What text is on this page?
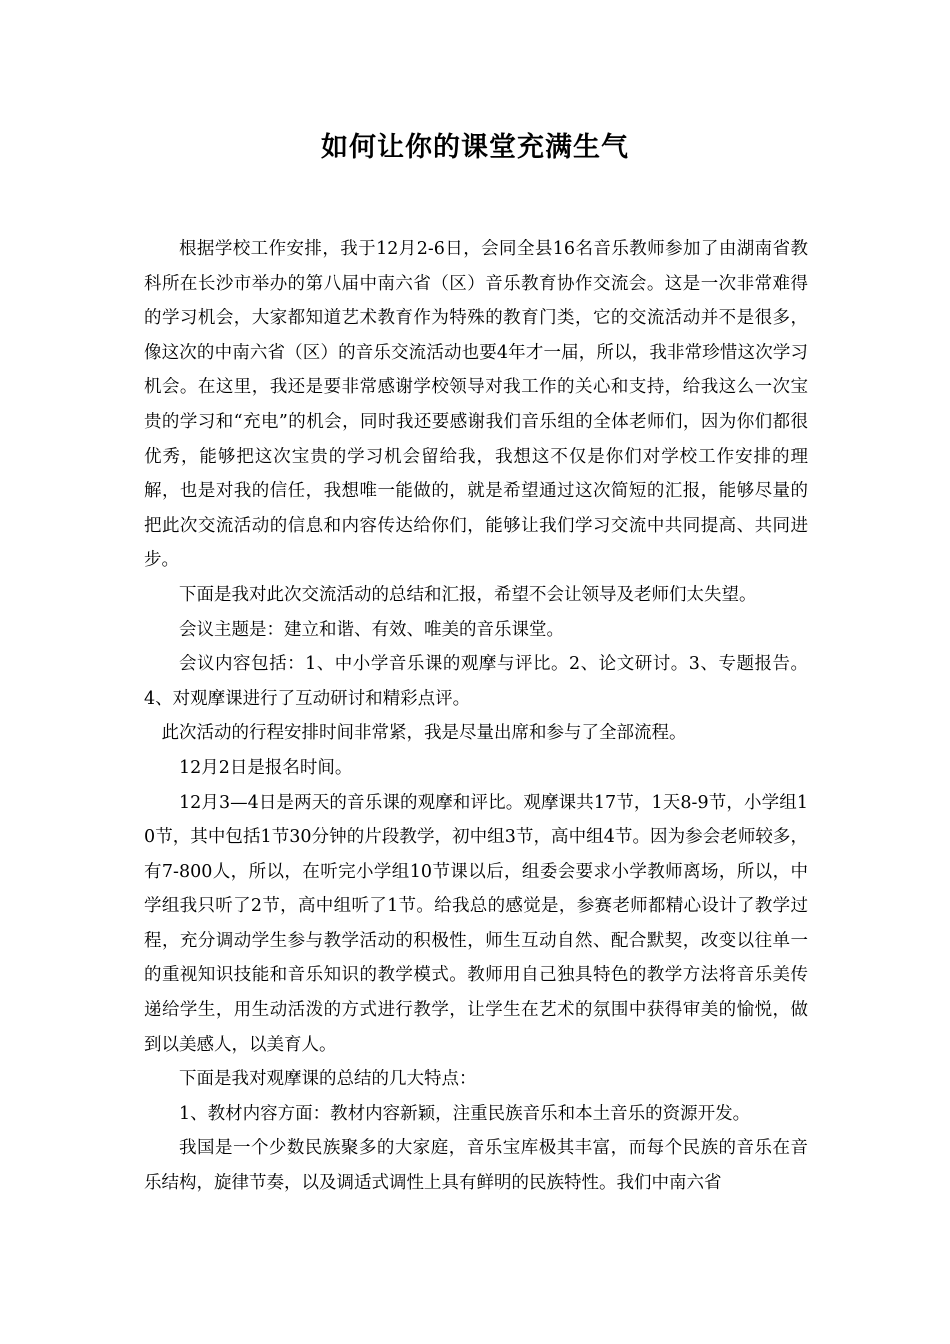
如何让你的课堂充满生气

根据学校工作安排，我于12月2-6日，会同全县16名音乐教师参加了由湖南省教科所在长沙市举办的第八届中南六省（区）音乐教育协作交流会。这是一次非常难得的学习机会，大家都知道艺术教育作为特殊的教育门类，它的交流活动并不是很多，像这次的中南六省（区）的音乐交流活动也要4年才一届，所以，我非常珍惜这次学习机会。在这里，我还是要非常感谢学校领导对我工作的关心和支持，给我这么一次宝贵的学习和“充电”的机会，同时我还要感谢我们音乐组的全体老师们，因为你们都很优秀，能够把这次宝贵的学习机会留给我，我想这不仅是你们对学校工作安排的理解，也是对我的信任，我想唯一能做的，就是希望通过这次简短的汇报，能够尽量的把此次交流活动的信息和内容传达给你们，能够让我们学习交流中共同提高、共同进步。

下面是我对此次交流活动的总结和汇报，希望不会让领导及老师们太失望。

会议主题是：建立和谐、有效、唯美的音乐课堂。

会议内容包括：1、中小学音乐课的观摩与评比。2、论文研讨。3、专题报告。4、对观摩课进行了互动研讨和精彩点评。

此次活动的行程安排时间非常紧，我是尽量出席和参与了全部流程。

12月2日是报名时间。

12月3—4日是两天的音乐课的观摩和评比。观摩课共17节，1天8-9节，小学组10节，其中包括1节30分钟的片段教学，初中组3节，高中组4节。因为参会老师较多，有7-800人，所以，在听完小学组10节课以后，组委会要求小学教师离场，所以，中学组我只听了2节，高中组听了1节。给我总的感觉是，参赛老师都精心设计了教学过程，充分调动学生参与教学活动的积极性，师生互动自然、配合默契，改变以往单一的重视知识技能和音乐知识的教学模式。教师用自己独具特色的教学方法将音乐美传递给学生，用生动活泼的方式进行教学，让学生在艺术的氛围中获得审美的愉悦，做到以美感人，以美育人。

下面是我对观摩课的总结的几大特点：

1、教材内容方面：教材内容新颖，注重民族音乐和本土音乐的资源开发。

我国是一个少数民族聚多的大家庭，音乐宝库极其丰富，而每个民族的音乐在音乐结构，旋律节奏，以及调适式调性上具有鲜明的民族特性。我们中南六省
